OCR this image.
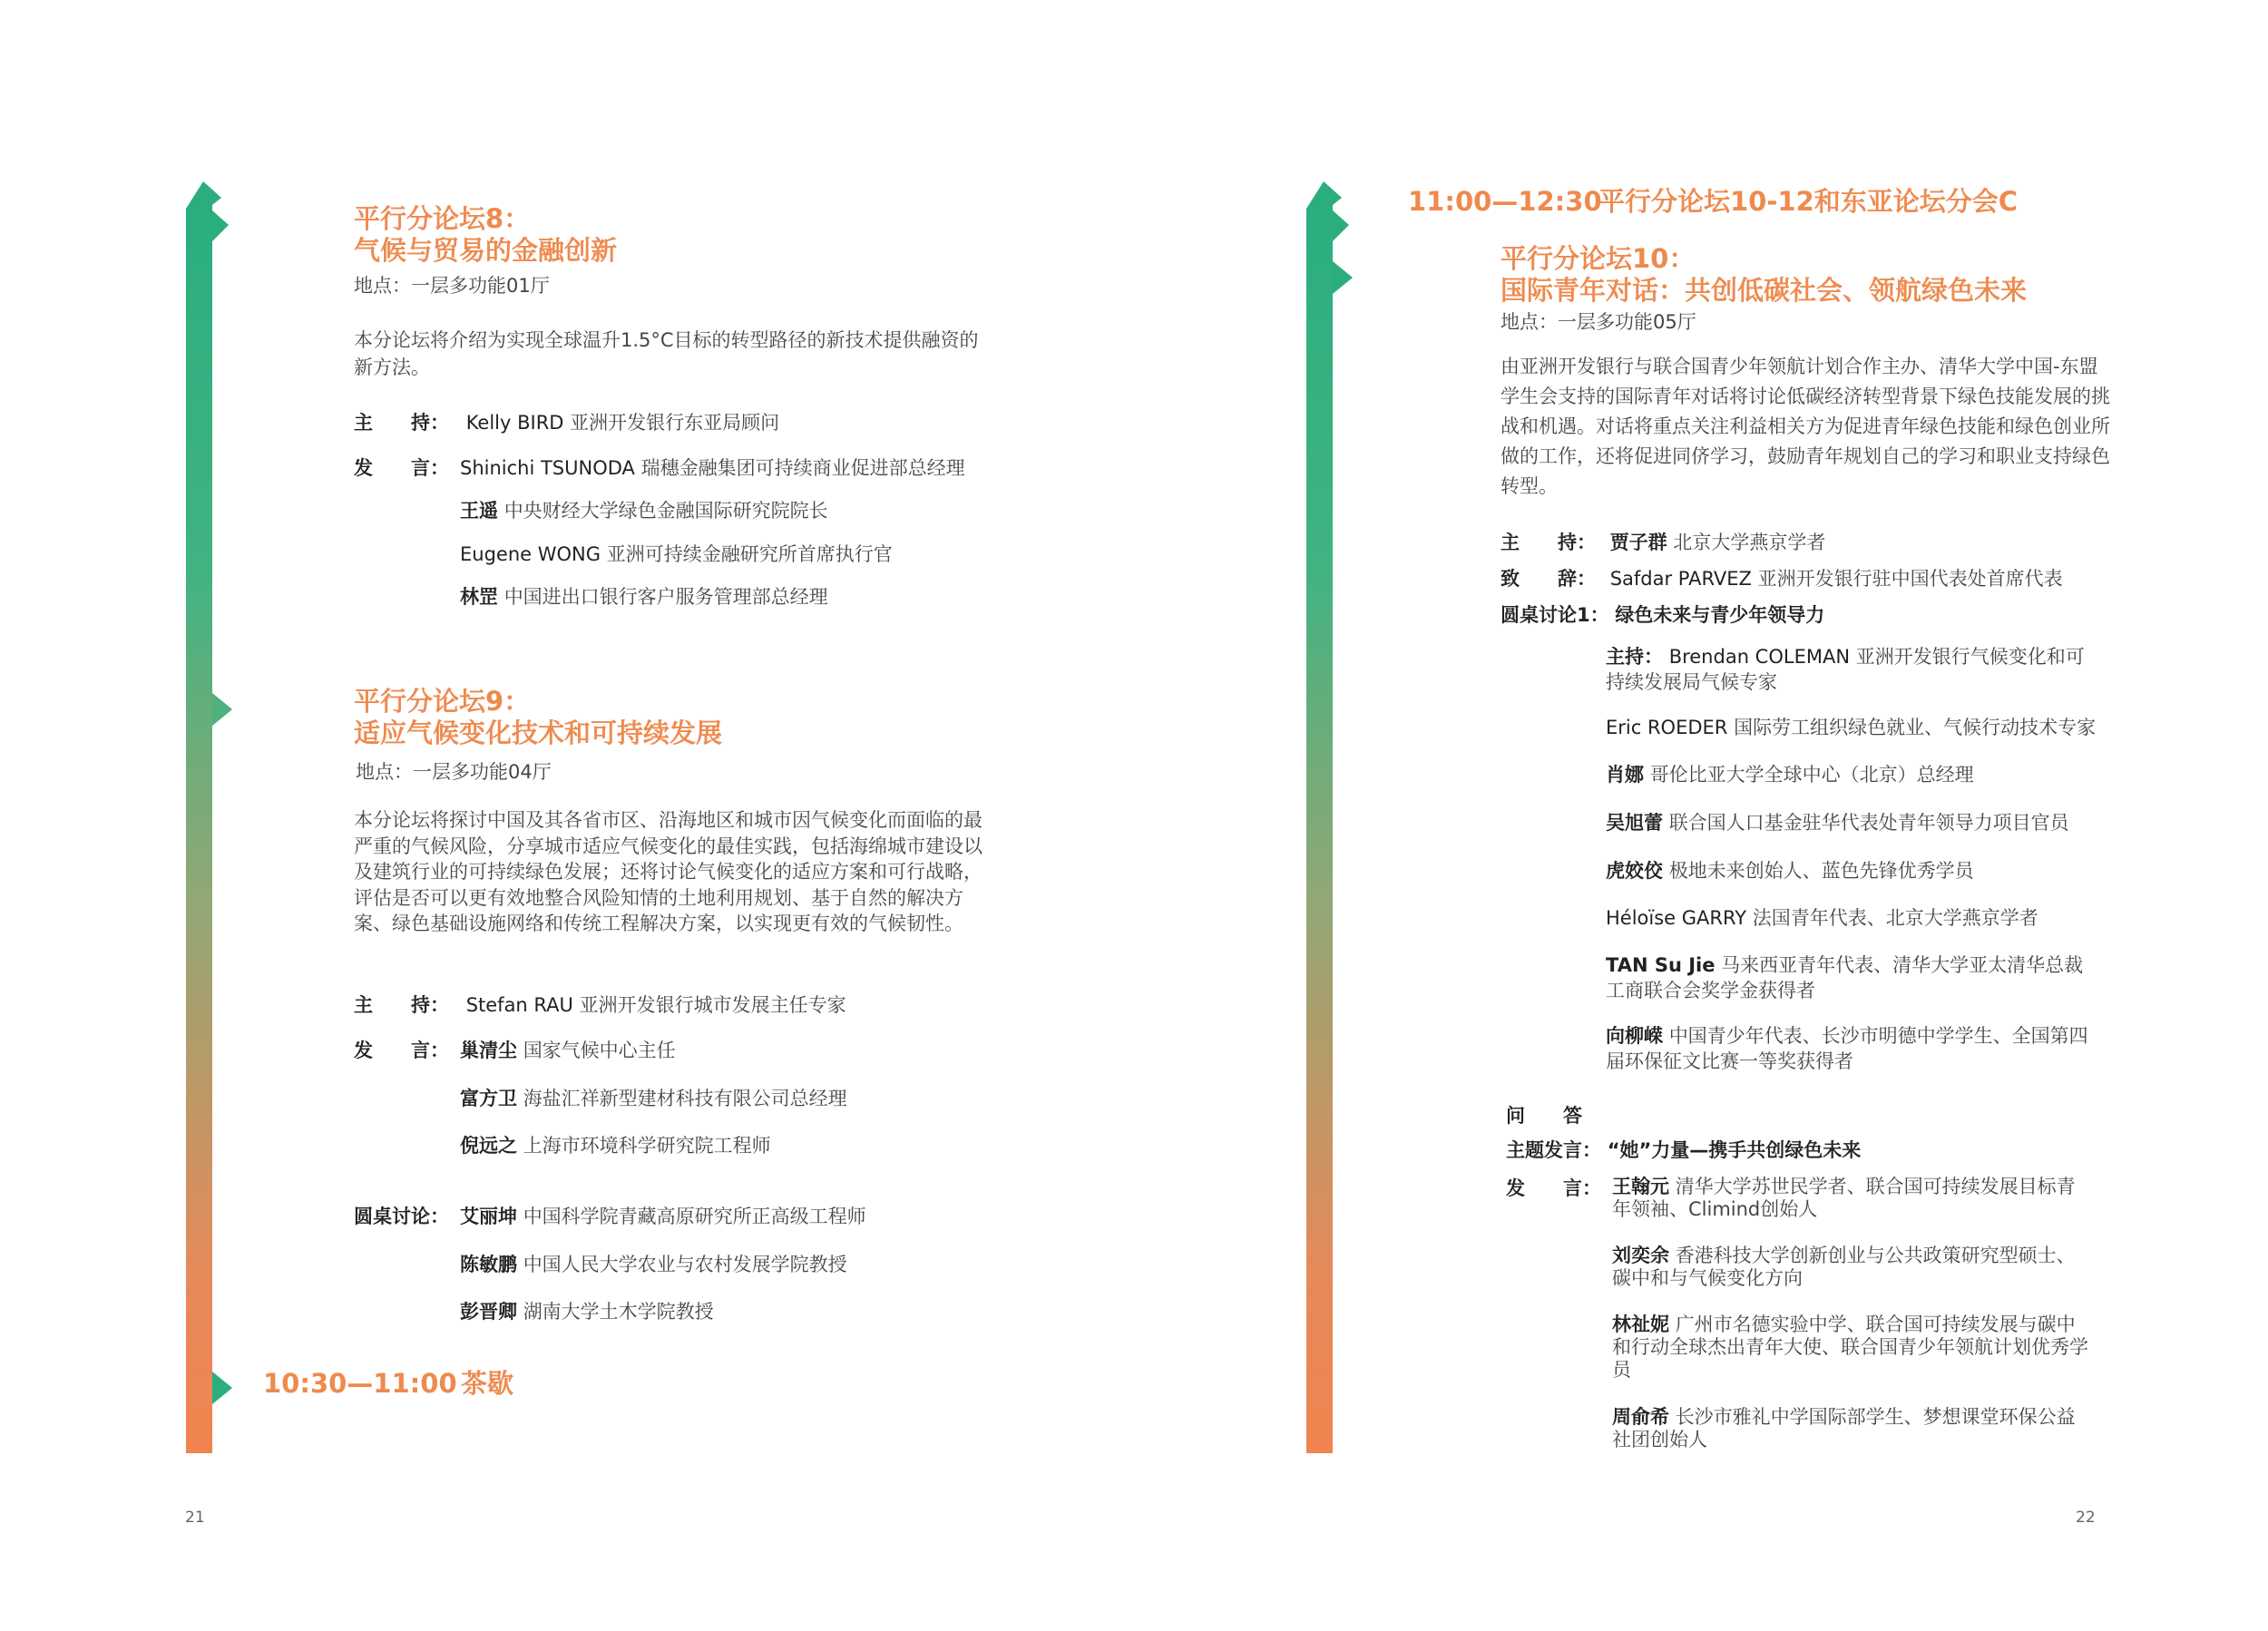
平行分论坛8：
气候与贸易的金融创新
地点：一层多功能01厅
本分论坛将介绍为实现全球温升1.5°C目标的转型路径的新技术提供融资的新方法。
主　　持： Kelly BIRD 亚洲开发银行东亚局顾问
发　　言： Shinichi TSUNODA 瑞穗金融集团可持续商业促进部总经理
王遥 中央财经大学绿色金融国际研究院院长
Eugene WONG 亚洲可持续金融研究所首席执行官
林罡 中国进出口银行客户服务管理部总经理
平行分论坛9：
适应气候变化技术和可持续发展
地点：一层多功能04厅
本分论坛将探讨中国及其各省市区、沿海地区和城市因气候变化而面临的最严重的气候风险，分享城市适应气候变化的最佳实践，包括海绵城市建设以及建筑行业的可持续绿色发展；还将讨论气候变化的适应方案和可行战略，评估是否可以更有效地整合风险知情的土地利用规划、基于自然的解决方案、绿色基础设施网络和传统工程解决方案，以实现更有效的气候韧性。
主　　持： Stefan RAU 亚洲开发银行城市发展主任专家
发　　言： 巢清尘 国家气候中心主任
富方卫 海盐汇祥新型建材科技有限公司总经理
倪远之 上海市环境科学研究院工程师
圆桌讨论： 艾丽坤 中国科学院青藏高原研究所正高级工程师
陈敏鹏 中国人民大学农业与农村发展学院教授
彭晋卿 湖南大学土木学院教授
10:30—11:00 茶歇
21
11:00—12:30
平行分论坛10-12和东亚论坛分会C
平行分论坛10：
国际青年对话：共创低碳社会、领航绿色未来
地点：一层多功能05厅
由亚洲开发银行与联合国青少年领航计划合作主办、清华大学中国-东盟学生会支持的国际青年对话将讨论低碳经济转型背景下绿色技能发展的挑战和机遇。对话将重点关注利益相关方为促进青年绿色技能和绿色创业所做的工作，还将促进同侪学习，鼓励青年规划自己的学习和职业支持绿色转型。
主　　持： 贾子群 北京大学燕京学者
致　　辞： Safdar PARVEZ 亚洲开发银行驻中国代表处首席代表
圆桌讨论1： 绿色未来与青少年领导力
主持： Brendan COLEMAN 亚洲开发银行气候变化和可持续发展局气候专家
Eric ROEDER 国际劳工组织绿色就业、气候行动技术专家
肖娜 哥伦比亚大学全球中心（北京）总经理
吴旭蕾 联合国人口基金驻华代表处青年领导力项目官员
虎姣佼 极地未来创始人、蓝色先锋优秀学员
Héloïse GARRY 法国青年代表、北京大学燕京学者
TAN Su Jie 马来西亚青年代表、清华大学亚太清华总裁工商联合会奖学金获得者
向柳嵘 中国青少年代表、长沙市明德中学学生、全国第四届环保征文比赛一等奖获得者
问　　答
主题发言： “她”力量—携手共创绿色未来
发　　言： 王翰元 清华大学苏世民学者、联合国可持续发展目标青年领袖、Climind创始人
刘奕余 香港科技大学创新创业与公共政策研究型硕士、碳中和与气候变化方向
林祉妮 广州市名德实验中学、联合国可持续发展与碳中和行动全球杰出青年大使、联合国青少年领航计划优秀学员
周俞希 长沙市雅礼中学国际部学生、梦想课堂环保公益社团创始人
22
